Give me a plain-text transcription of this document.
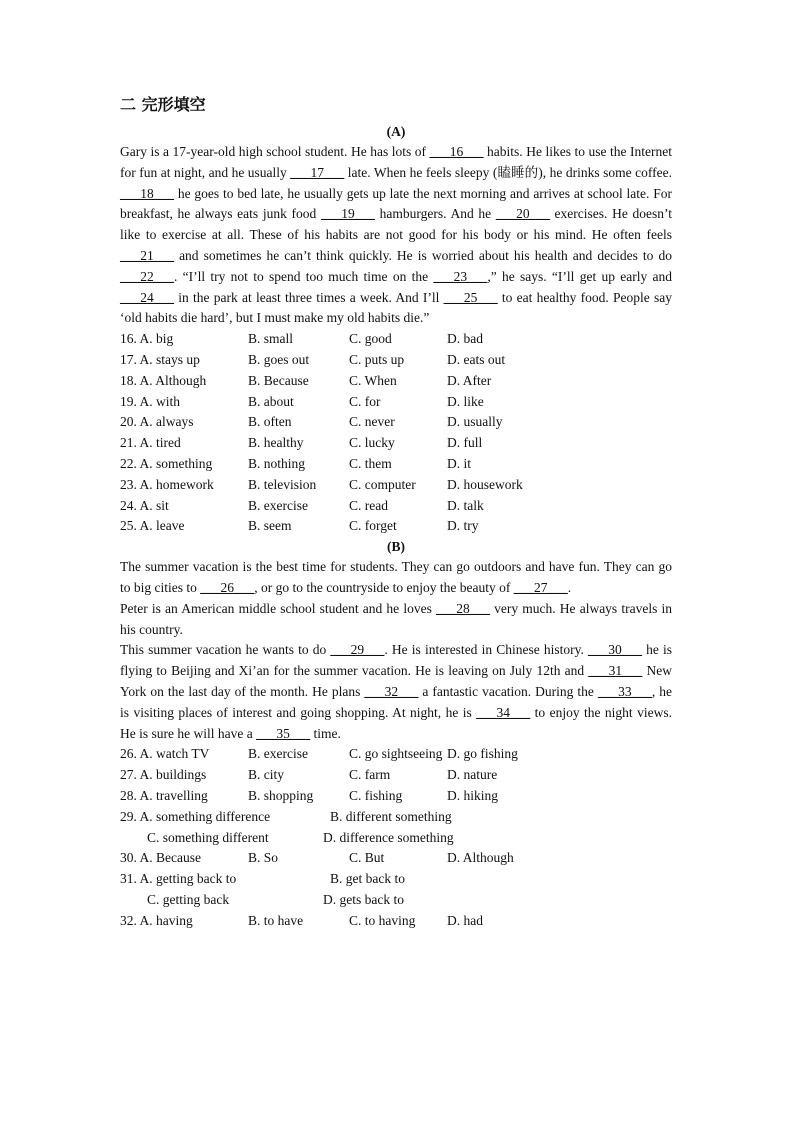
二 完形填空
(A)

Gary is a 17-year-old high school student. He has lots of ___16___ habits. He likes to use the Internet for fun at night, and he usually ___17___ late. When he feels sleepy (瞌睡的), he drinks some coffee. ___18___ he goes to bed late, he usually gets up late the next morning and arrives at school late. For breakfast, he always eats junk food ___19___ hamburgers. And he ___20___ exercises. He doesn’t like to exercise at all. These of his habits are not good for his body or his mind. He often feels ___21___ and sometimes he can’t think quickly. He is worried about his health and decides to do ___22___. “I’ll try not to spend too much time on the ___23___,” he says. “I’ll get up early and ___24___ in the park at least three times a week. And I’ll ___25___ to eat healthy food. People say ‘old habits die hard’, but I must make my old habits die.”

16. A. big	B. small	C. good	D. bad
17. A. stays up	B. goes out	C. puts up	D. eats out
18. A. Although	B. Because	C. When	D. After
19. A. with	B. about	C. for	D. like
20. A. always	B. often	C. never	D. usually
21. A. tired	B. healthy	C. lucky	D. full
22. A. something	B. nothing	C. them	D. it
23. A. homework	B. television C. computer D. housework
24. A. sit	B. exercise	C. read	D. talk
25. A. leave	B. seem	C. forget	D. try
(B)

The summer vacation is the best time for students. They can go outdoors and have fun. They can go to big cities to ___26___, or go to the countryside to enjoy the beauty of ___27___.

Peter is an American middle school student and he loves ___28___ very much. He always travels in his country.

This summer vacation he wants to do ___29___. He is interested in Chinese history. ___30___ he is flying to Beijing and Xi’an for the summer vacation. He is leaving on July 12th and ___31___ New York on the last day of the month. He plans ___32___ a fantastic vacation. During the ___33___, he is visiting places of interest and going shopping. At night, he is ___34___ to enjoy the night views. He is sure he will have a ___35___ time.

26. A. watch TV	B. exercise	C. go sightseeing D. go fishing
27. A. buildings	B. city	C. farm	D. nature
28. A. travelling	B. shopping	C. fishing	D. hiking
29. A. something difference	B. different something
C. something different	D. difference something
30. A. Because	B. So	C. But	D. Although
31. A. getting back to	B. get back to
C. getting back	D. gets back to
32. A. having	B. to have	C. to having D. had
